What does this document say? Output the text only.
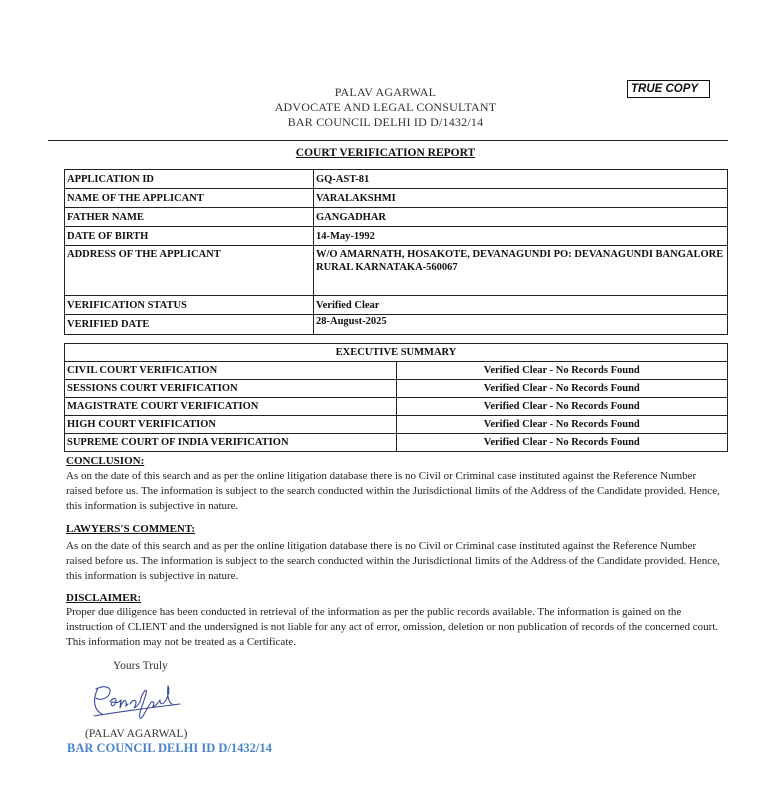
PALAV AGARWAL
ADVOCATE AND LEGAL CONSULTANT
BAR COUNCIL DELHI ID D/1432/14
TRUE COPY
COURT VERIFICATION REPORT
APPLICATION ID	GQ-AST-81
NAME OF THE APPLICANT	VARALAKSHMI
FATHER NAME	GANGADHAR
DATE OF BIRTH	14-May-1992
ADDRESS OF THE APPLICANT	W/O AMARNATH, HOSAKOTE, DEVANAGUNDI PO: DEVANAGUNDI BANGALORE RURAL KARNATAKA-560067
VERIFICATION STATUS	Verified Clear
VERIFIED DATE	28-August-2025
EXECUTIVE SUMMARY	
CIVIL COURT VERIFICATION	Verified Clear - No Records Found
SESSIONS COURT VERIFICATION	Verified Clear - No Records Found
MAGISTRATE COURT VERIFICATION	Verified Clear - No Records Found
HIGH COURT VERIFICATION	Verified Clear - No Records Found
SUPREME COURT OF INDIA VERIFICATION	Verified Clear - No Records Found
CONCLUSION:
As on the date of this search and as per the online litigation database there is no Civil or Criminal case instituted against the Reference Number raised before us. The information is subject to the search conducted within the Jurisdictional limits of the Address of the Candidate provided. Hence, this information is subjective in nature.
LAWYERS'S COMMENT:
As on the date of this search and as per the online litigation database there is no Civil or Criminal case instituted against the Reference Number raised before us. The information is subject to the search conducted within the Jurisdictional limits of the Address of the Candidate provided. Hence, this information is subjective in nature.
DISCLAIMER:
Proper due diligence has been conducted in retrieval of the information as per the public records available. The information is gained on the instruction of CLIENT and the undersigned is not liable for any act of error, omission, deletion or non publication of records of the concerned court. This information may not be treated as a Certificate.
Yours Truly
(PALAV AGARWAL)
BAR COUNCIL DELHI ID D/1432/14
